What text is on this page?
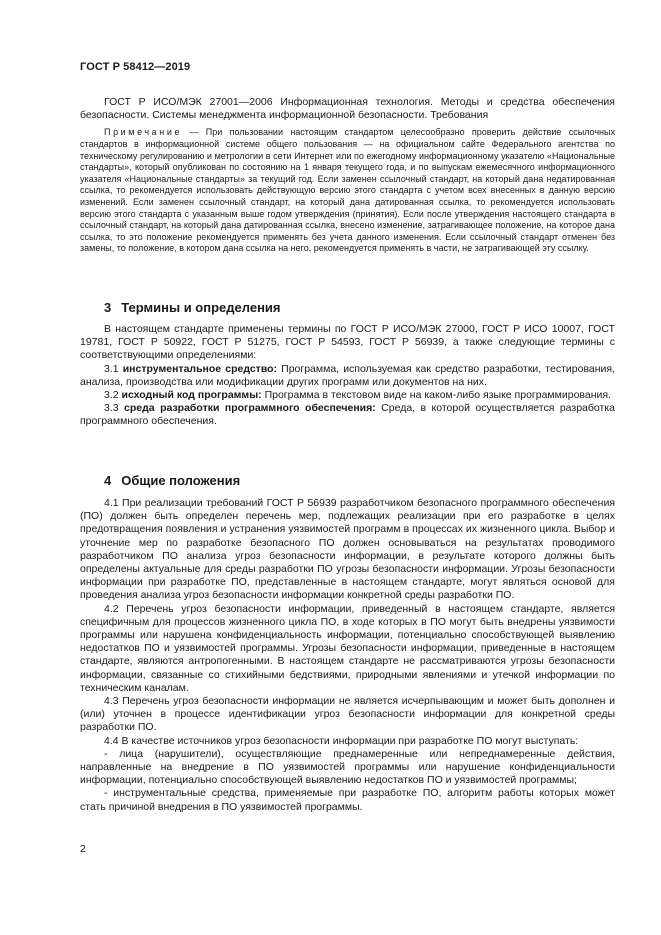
ГОСТ Р 58412—2019

ГОСТ Р ИСО/МЭК 27001—2006 Информационная технология. Методы и средства обеспечения безопасности. Системы менеджмента информационной безопасности. Требования

Примечание — При пользовании настоящим стандартом целесообразно проверить действие ссылочных стандартов в информационной системе общего пользования — на официальном сайте Федерального агентства по техническому регулированию и метрологии в сети Интернет или по ежегодному информационному указателю «Национальные стандарты», который опубликован по состоянию на 1 января текущего года, и по выпускам ежемесячного информационного указателя «Национальные стандарты» за текущий год. Если заменен ссылочный стандарт, на который дана недатированная ссылка, то рекомендуется использовать действующую версию этого стандарта с учетом всех внесенных в данную версию изменений. Если заменен ссылочный стандарт, на который дана датированная ссылка, то рекомендуется использовать версию этого стандарта с указанным выше годом утверждения (принятия). Если после утверждения настоящего стандарта в ссылочный стандарт, на который дана датированная ссылка, внесено изменение, затрагивающее положение, на которое дана ссылка, то это положение рекомендуется применять без учета данного изменения. Если ссылочный стандарт отменен без замены, то положение, в котором дана ссылка на него, рекомендуется применять в части, не затрагивающей эту ссылку.

3 Термины и определения

В настоящем стандарте применены термины по ГОСТ Р ИСО/МЭК 27000, ГОСТ Р ИСО 10007, ГОСТ 19781, ГОСТ Р 50922, ГОСТ Р 51275, ГОСТ Р 54593, ГОСТ Р 56939, а также следующие термины с соответствующими определениями:

3.1 инструментальное средство: Программа, используемая как средство разработки, тестирования, анализа, производства или модификации других программ или документов на них.

3.2 исходный код программы: Программа в текстовом виде на каком-либо языке программирования.

3.3 среда разработки программного обеспечения: Среда, в которой осуществляется разработка программного обеспечения.

4 Общие положения

4.1 При реализации требований ГОСТ Р 56939 разработчиком безопасного программного обеспечения (ПО) должен быть определен перечень мер, подлежащих реализации при его разработке в целях предотвращения появления и устранения уязвимостей программ в процессах их жизненного цикла. Выбор и уточнение мер по разработке безопасного ПО должен основываться на результатах проводимого разработчиком ПО анализа угроз безопасности информации, в результате которого должны быть определены актуальные для среды разработки ПО угрозы безопасности информации. Угрозы безопасности информации при разработке ПО, представленные в настоящем стандарте, могут являться основой для проведения анализа угроз безопасности информации конкретной среды разработки ПО.

4.2 Перечень угроз безопасности информации, приведенный в настоящем стандарте, является специфичным для процессов жизненного цикла ПО, в ходе которых в ПО могут быть внедрены уязвимости программы или нарушена конфиденциальность информации, потенциально способствующей выявлению недостатков ПО и уязвимостей программы. Угрозы безопасности информации, приведенные в настоящем стандарте, являются антропогенными. В настоящем стандарте не рассматриваются угрозы безопасности информации, связанные со стихийными бедствиями, природными явлениями и утечкой информации по техническим каналам.

4.3 Перечень угроз безопасности информации не является исчерпывающим и может быть дополнен и (или) уточнен в процессе идентификации угроз безопасности информации для конкретной среды разработки ПО.

4.4 В качестве источников угроз безопасности информации при разработке ПО могут выступать:

- лица (нарушители), осуществляющие преднамеренные или непреднамеренные действия, направленные на внедрение в ПО уязвимостей программы или нарушение конфиденциальности информации, потенциально способствующей выявлению недостатков ПО и уязвимостей программы;

- инструментальные средства, применяемые при разработке ПО, алгоритм работы которых может стать причиной внедрения в ПО уязвимостей программы.

2
